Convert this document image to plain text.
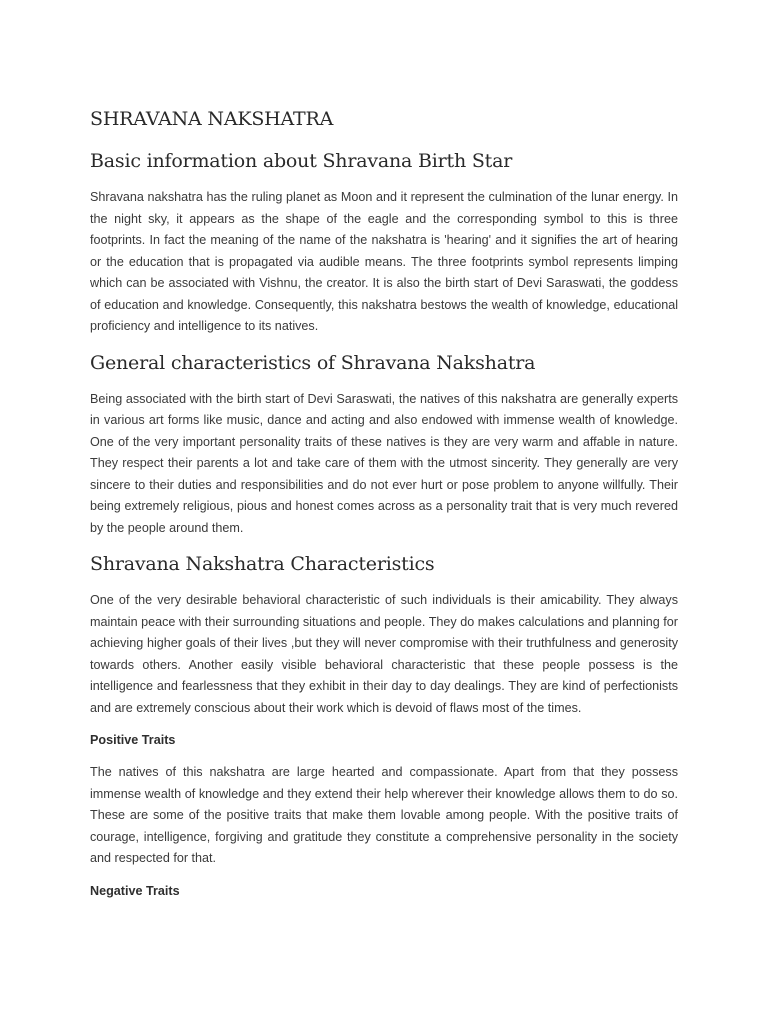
SHRAVANA NAKSHATRA
Basic information about Shravana Birth Star

Shravana nakshatra has the ruling planet as Moon and it represent the culmination of the lunar energy. In the night sky, it appears as the shape of the eagle and the corresponding symbol to this is three footprints. In fact the meaning of the name of the nakshatra is 'hearing' and it signifies the art of hearing or the education that is propagated via audible means. The three footprints symbol represents limping which can be associated with Vishnu, the creator. It is also the birth start of Devi Saraswati, the goddess of education and knowledge. Consequently, this nakshatra bestows the wealth of knowledge, educational proficiency and intelligence to its natives.

General characteristics of Shravana Nakshatra

Being associated with the birth start of Devi Saraswati, the natives of this nakshatra are generally experts in various art forms like music, dance and acting and also endowed with immense wealth of knowledge. One of the very important personality traits of these natives is they are very warm and affable in nature. They respect their parents a lot and take care of them with the utmost sincerity. They generally are very sincere to their duties and responsibilities and do not ever hurt or pose problem to anyone willfully. Their being extremely religious, pious and honest comes across as a personality trait that is very much revered by the people around them.

Shravana Nakshatra Characteristics

One of the very desirable behavioral characteristic of such individuals is their amicability. They always maintain peace with their surrounding situations and people. They do makes calculations and planning for achieving higher goals of their lives ,but they will never compromise with their truthfulness and generosity towards others. Another easily visible behavioral characteristic that these people possess is the intelligence and fearlessness that they exhibit in their day to day dealings. They are kind of perfectionists and are extremely conscious about their work which is devoid of flaws most of the times.

Positive Traits

The natives of this nakshatra are large hearted and compassionate. Apart from that they possess immense wealth of knowledge and they extend their help wherever their knowledge allows them to do so. These are some of the positive traits that make them lovable among people. With the positive traits of courage, intelligence, forgiving and gratitude they constitute a comprehensive personality in the society and respected for that.

Negative Traits
